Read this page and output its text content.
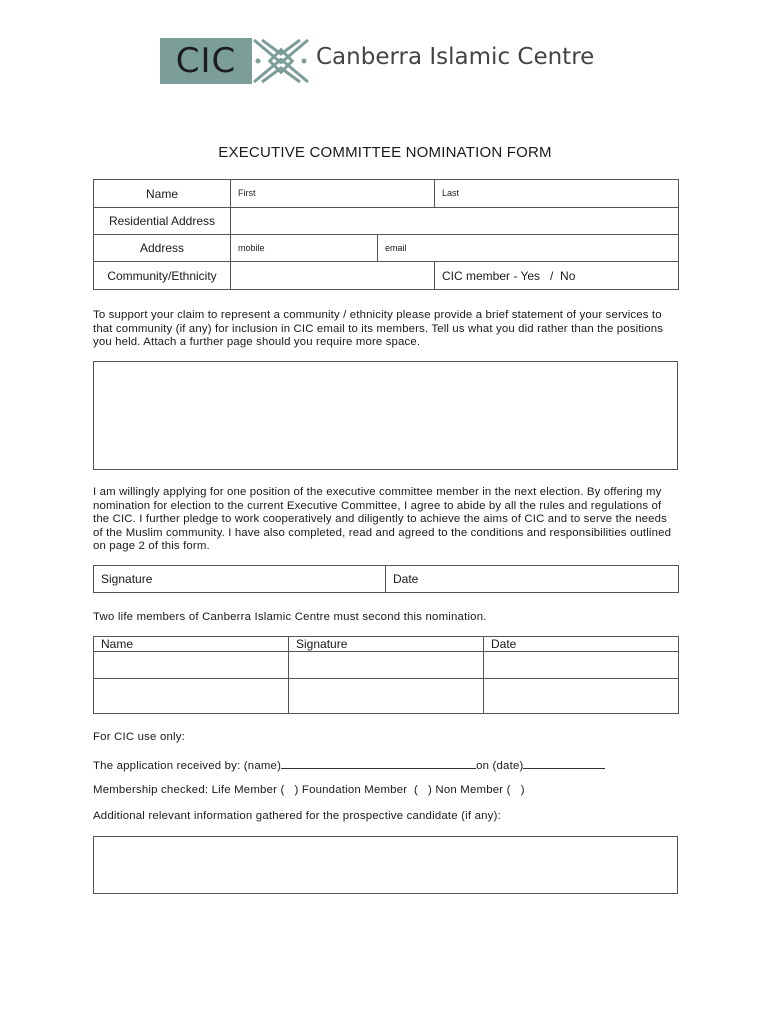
CIC	Canberra Islamic Centre
EXECUTIVE COMMITTEE NOMINATION FORM
Name	First		Last
Residential Address			
Address	mobile	email	
Community/Ethnicity			CIC member - Yes   /  No
To support your claim to represent a community / ethnicity please provide a brief statement of your services to that community (if any) for inclusion in CIC email to its members. Tell us what you did rather than the positions you held. Attach a further page should you require more space.
I am willingly applying for one position of the executive committee member in the next election. By offering my nomination for election to the current Executive Committee, I agree to abide by all the rules and regulations of the CIC. I further pledge to work cooperatively and diligently to achieve the aims of CIC and to serve the needs of the Muslim community. I have also completed, read and agreed to the conditions and responsibilities outlined on page 2 of this form.
Signature	Date
Two life members of Canberra Islamic Centre must second this nomination.
Name	Signature	Date

For CIC use only:
The application received by: (name)	on (date)
Membership checked: Life Member (   ) Foundation Member  (   ) Non Member (   )
Additional relevant information gathered for the prospective candidate (if any):
